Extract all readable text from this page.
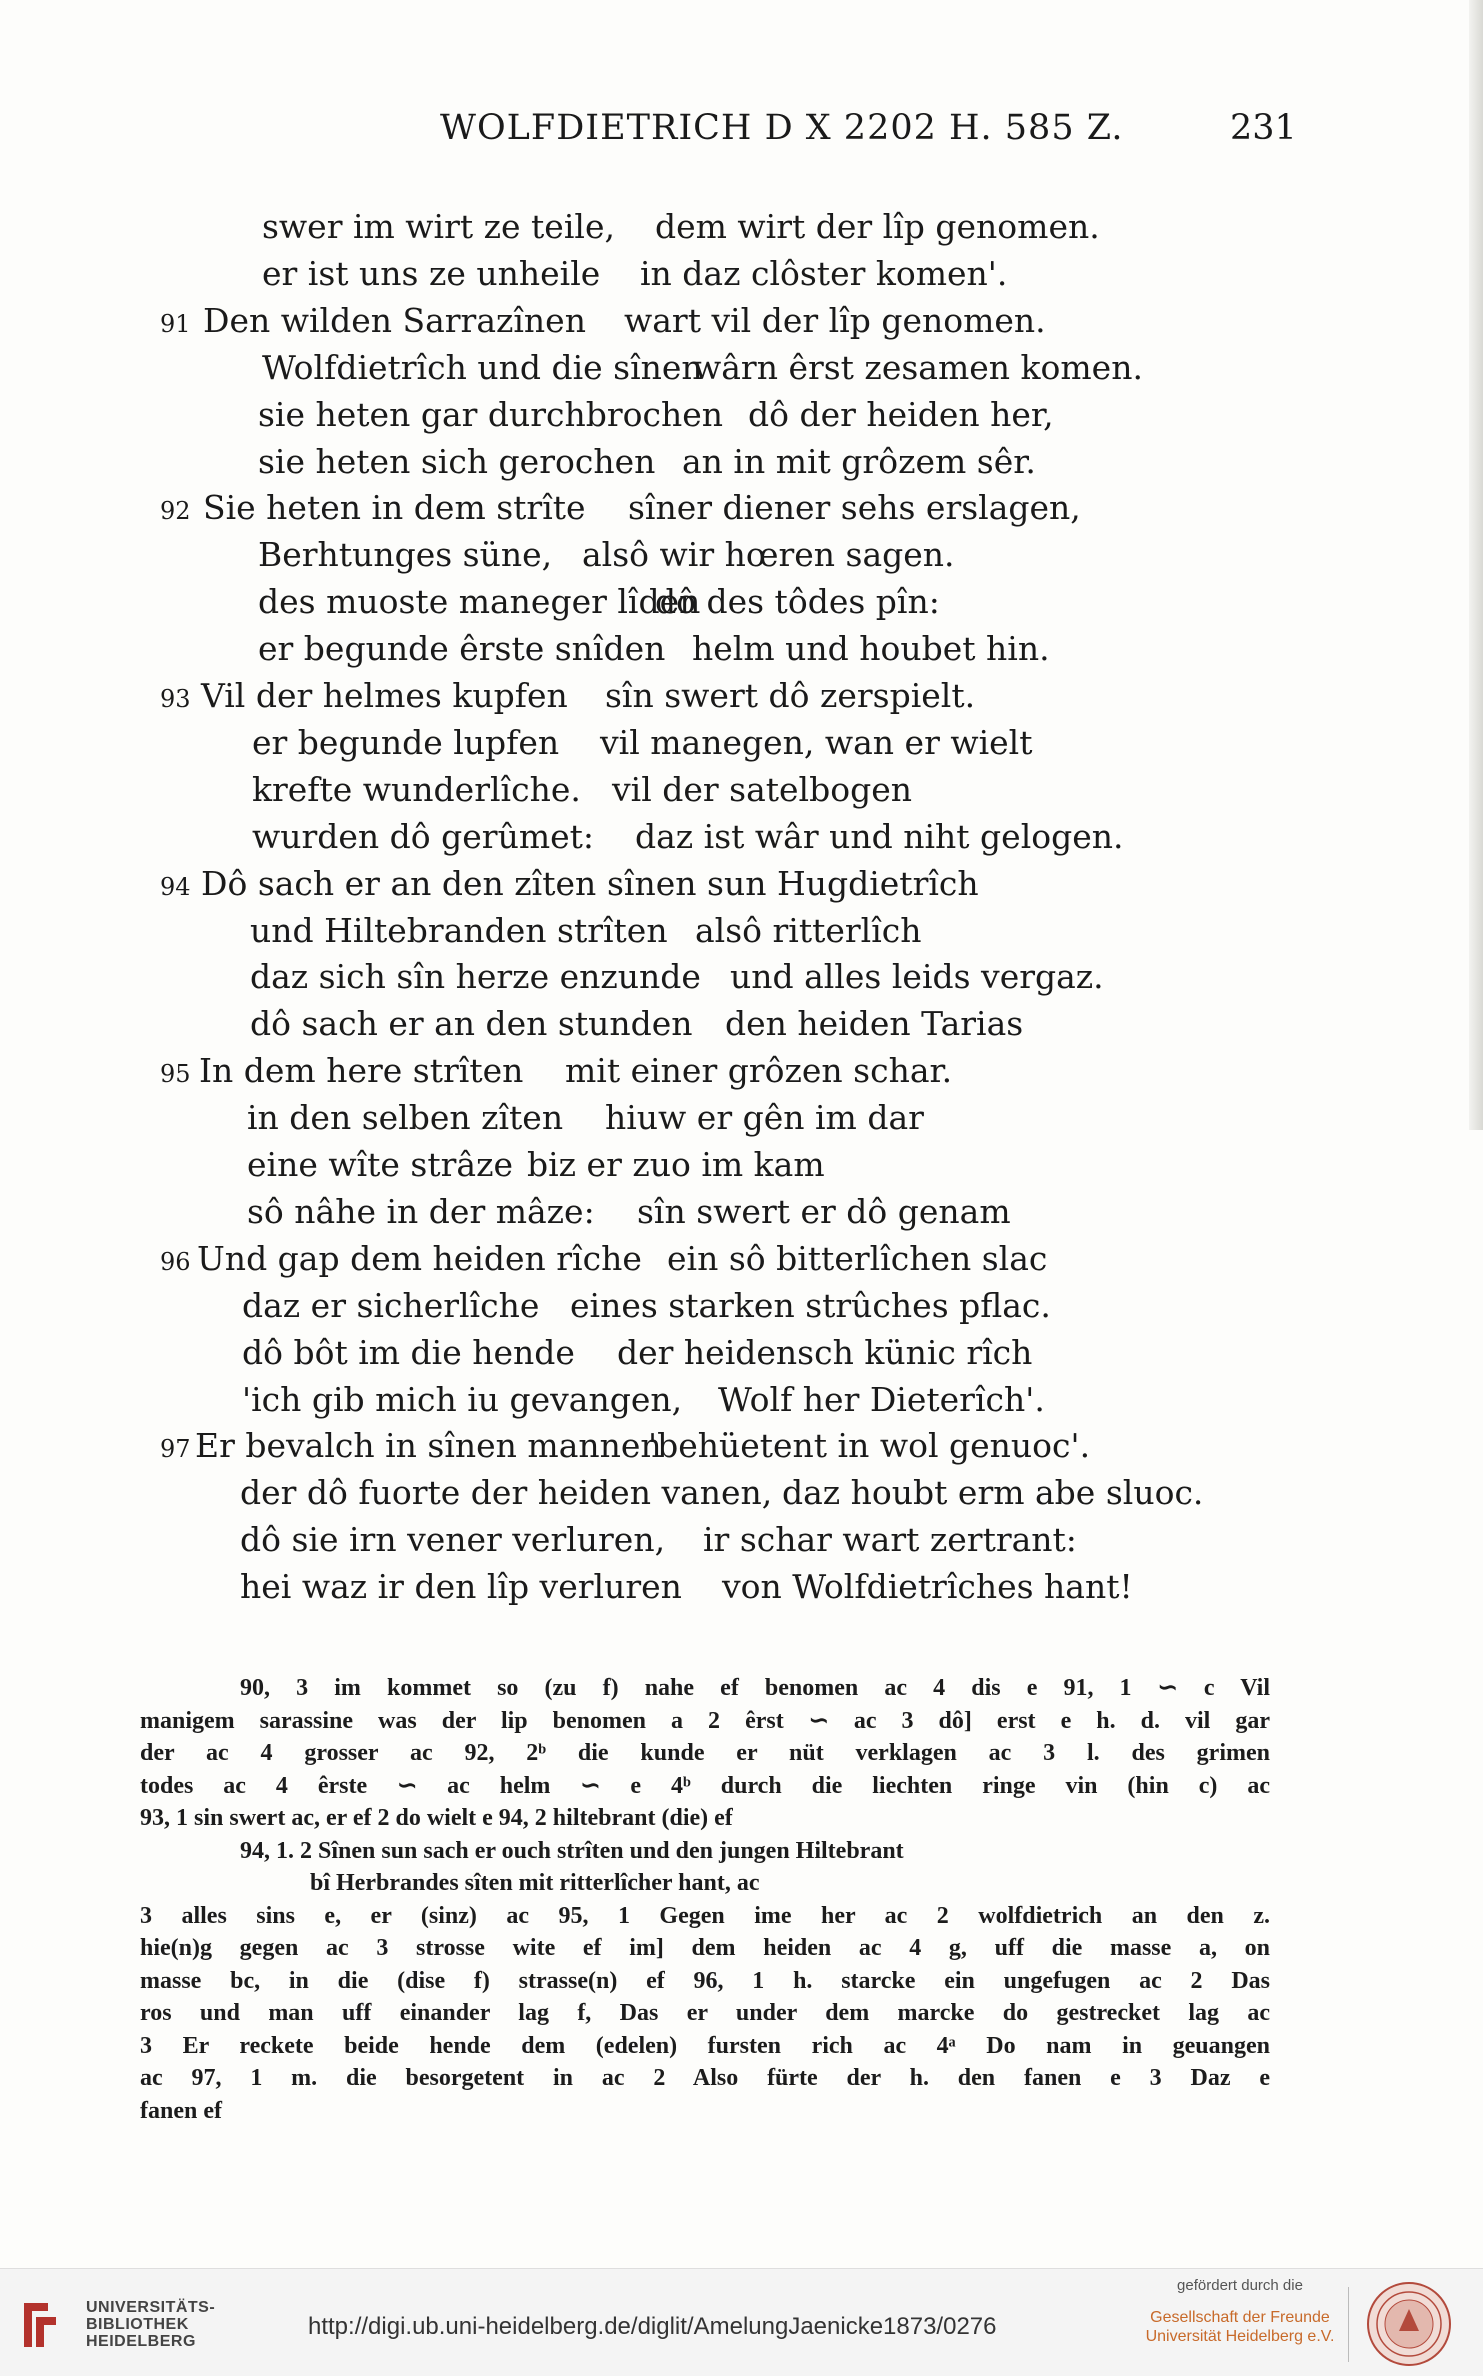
WOLFDIETRICH D X 2202 H. 585 Z.	231
swer im wirt ze teile, dem wirt der lîp genomen.
er ist uns ze unheile in daz clôster komen'.
91 Den wilden Sarrazînen wart vil der lîp genomen.
Wolfdietrîch und die sînen
wârn êrst zesamen komen.
sie heten gar durchbrochen dô der heiden her,
sie heten sich gerochen an in mit grôzem sêr.
92 Sie heten in dem strîte sîner diener sehs erslagen,
Berhtunges süne, alsô wir hœren sagen.
des muoste maneger lîden
dô des tôdes pîn:
er begunde êrste snîden helm und houbet hin.
93 Vil der helmes kupfen sîn swert dô zerspielt.
er begunde lupfen vil manegen, wan er wielt
krefte wunderlîche. vil der satelbogen
wurden dô gerûmet: daz ist wâr und niht gelogen.
94 Dô sach er an den zîten sînen sun Hugdietrîch
und Hiltebranden strîten alsô ritterlîch
daz sich sîn herze enzunde und alles leids vergaz.
dô sach er an den stunden den heiden Tarias
95 In dem here strîten mit einer grôzen schar.
in den selben zîten hiuw er gên im dar
eine wîte strâze biz er zuo im kam
sô nâhe in der mâze: sîn swert er dô genam
96 Und gap dem heiden rîche ein sô bitterlîchen slac
daz er sicherlîche eines starken strûches pflac.
dô bôt im die hende der heidensch künic rîch
'ich gib mich iu gevangen, Wolf her Dieterîch'.
97 Er bevalch in sînen mannen
'behüetent in wol genuoc'.
der dô fuorte der heiden vanen, daz houbt erm abe sluoc.
dô sie irn vener verluren, ir schar wart zertrant:
hei waz ir den lîp verluren von Wolfdietrîches hant!
90, 3 im kommet so (zu f) nahe ef benomen ac 4 dis e 91, 1 ∽ c Vil
manigem sarassine was der lip benomen a 2 êrst ∽ ac 3 dô] erst e h. d. vil gar
der ac 4 grosser ac 92, 2ᵇ die kunde er nüt verklagen ac 3 l. des grimen
todes ac 4 êrste ∽ ac helm ∽ e 4ᵇ durch die liechten ringe vin (hin c) ac
93, 1 sin swert ac, er ef 2 do wielt e 94, 2 hiltebrant (die) ef
94, 1. 2 Sînen sun sach er ouch strîten und den jungen Hiltebrant
bî Herbrandes sîten mit ritterlîcher hant, ac
3 alles sins e, er (sinz) ac 95, 1 Gegen ime her ac 2 wolfdietrich an den z.
hie(n)g gegen ac 3 strosse wite ef im] dem heiden ac 4 g, uff die masse a, on
masse bc, in die (dise f) strasse(n) ef 96, 1 h. starcke ein ungefugen ac 2 Das
ros und man uff einander lag f, Das er under dem marcke do gestrecket lag ac
3 Er reckete beide hende dem (edelen) fursten rich ac 4ᵃ Do nam in geuangen
ac 97, 1 m. die besorgetent in ac 2 Also fürte der h. den fanen e 3 Daz e
fanen ef
UNIVERSITÄTS-
BIBLIOTHEK
HEIDELBERG
http://digi.ub.uni-heidelberg.de/diglit/AmelungJaenicke1873/0276
gefördert durch die
Gesellschaft der Freunde
Universität Heidelberg e.V.
